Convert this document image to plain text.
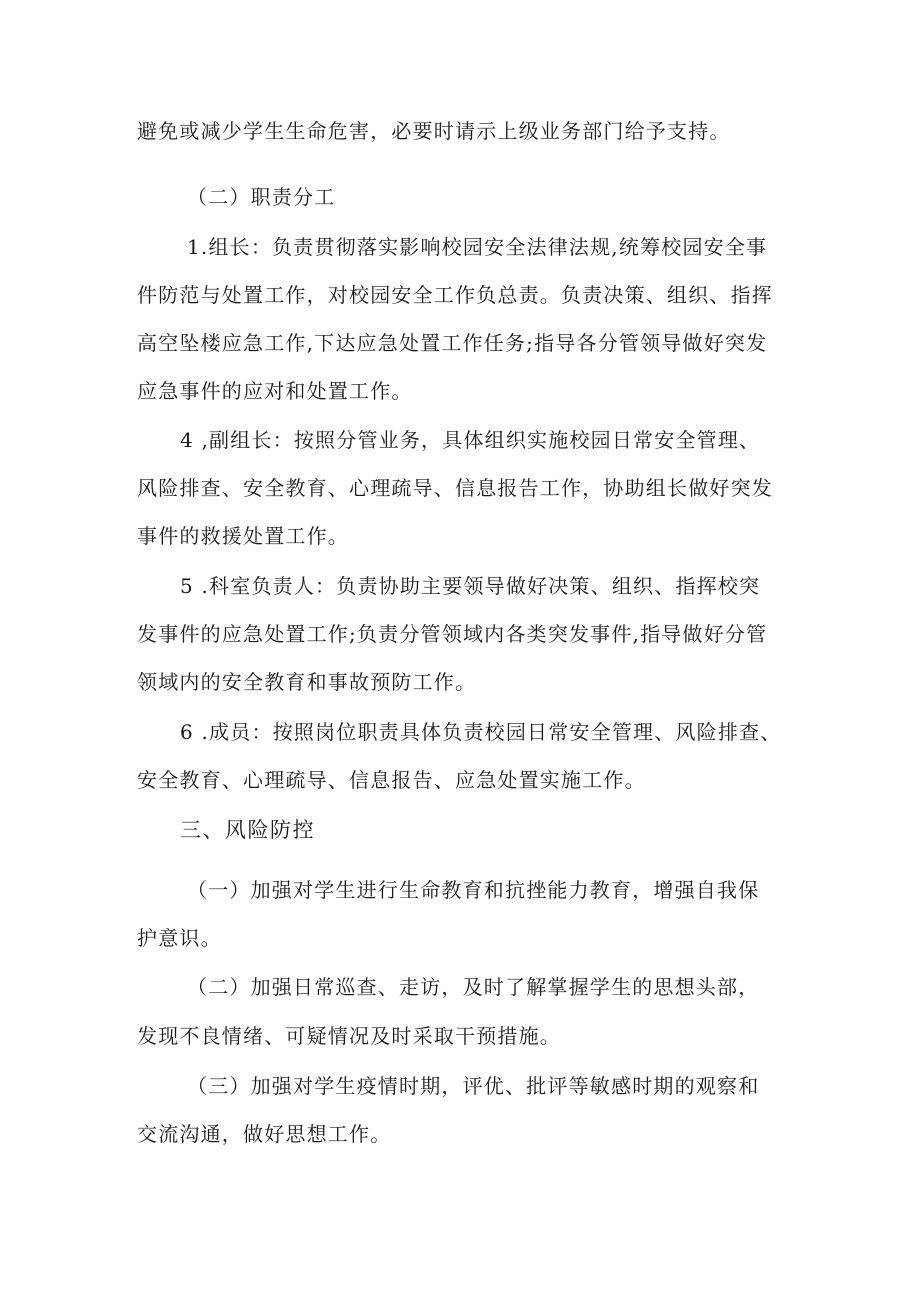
避免或减少学生生命危害，必要时请示上级业务部门给予支持。
（二）职责分工
1.组长：负责贯彻落实影响校园安全法律法规,统筹校园安全事
件防范与处置工作，对校园安全工作负总责。负责决策、组织、指挥
高空坠楼应急工作,下达应急处置工作任务;指导各分管领导做好突发
应急事件的应对和处置工作。
4 ,副组长：按照分管业务，具体组织实施校园日常安全管理、
风险排查、安全教育、心理疏导、信息报告工作，协助组长做好突发
事件的救援处置工作。
5 .科室负责人：负责协助主要领导做好决策、组织、指挥校突
发事件的应急处置工作;负责分管领域内各类突发事件,指导做好分管
领域内的安全教育和事故预防工作。
6 .成员：按照岗位职责具体负责校园日常安全管理、风险排查、
安全教育、心理疏导、信息报告、应急处置实施工作。
三、风险防控
（一）加强对学生进行生命教育和抗挫能力教育，增强自我保
护意识。
（二）加强日常巡查、走访，及时了解掌握学生的思想头部，
发现不良情绪、可疑情况及时采取干预措施。
（三）加强对学生疫情时期，评优、批评等敏感时期的观察和
交流沟通，做好思想工作。
